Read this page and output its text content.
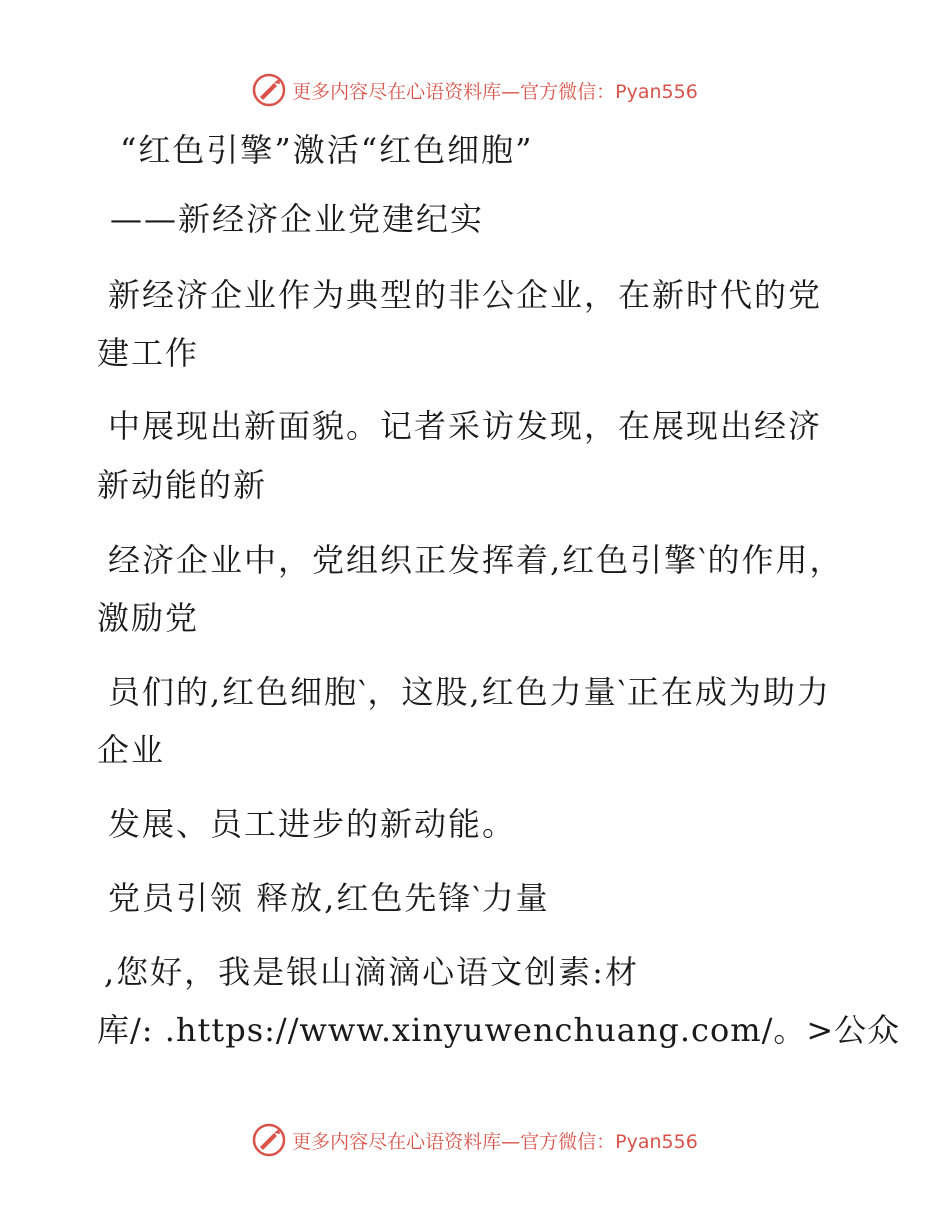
更多内容尽在心语资料库—官方微信：Pyan556
“红色引擎”激活“红色细胞”
——新经济企业党建纪实
新经济企业作为典型的非公企业，在新时代的党
建工作
中展现出新面貌。记者采访发现，在展现出经济
新动能的新
经济企业中，党组织正发挥着,红色引擎‵的作用，
激励党
员们的,红色细胞‵，这股,红色力量‵正在成为助力
企业
发展、员工进步的新动能。
党员引领 释放,红色先锋‵力量
,您好，我是银山滴滴心语文创素:材
库/: .https://www.xinyuwenchuang.com/。>公众
更多内容尽在心语资料库—官方微信：Pyan556
